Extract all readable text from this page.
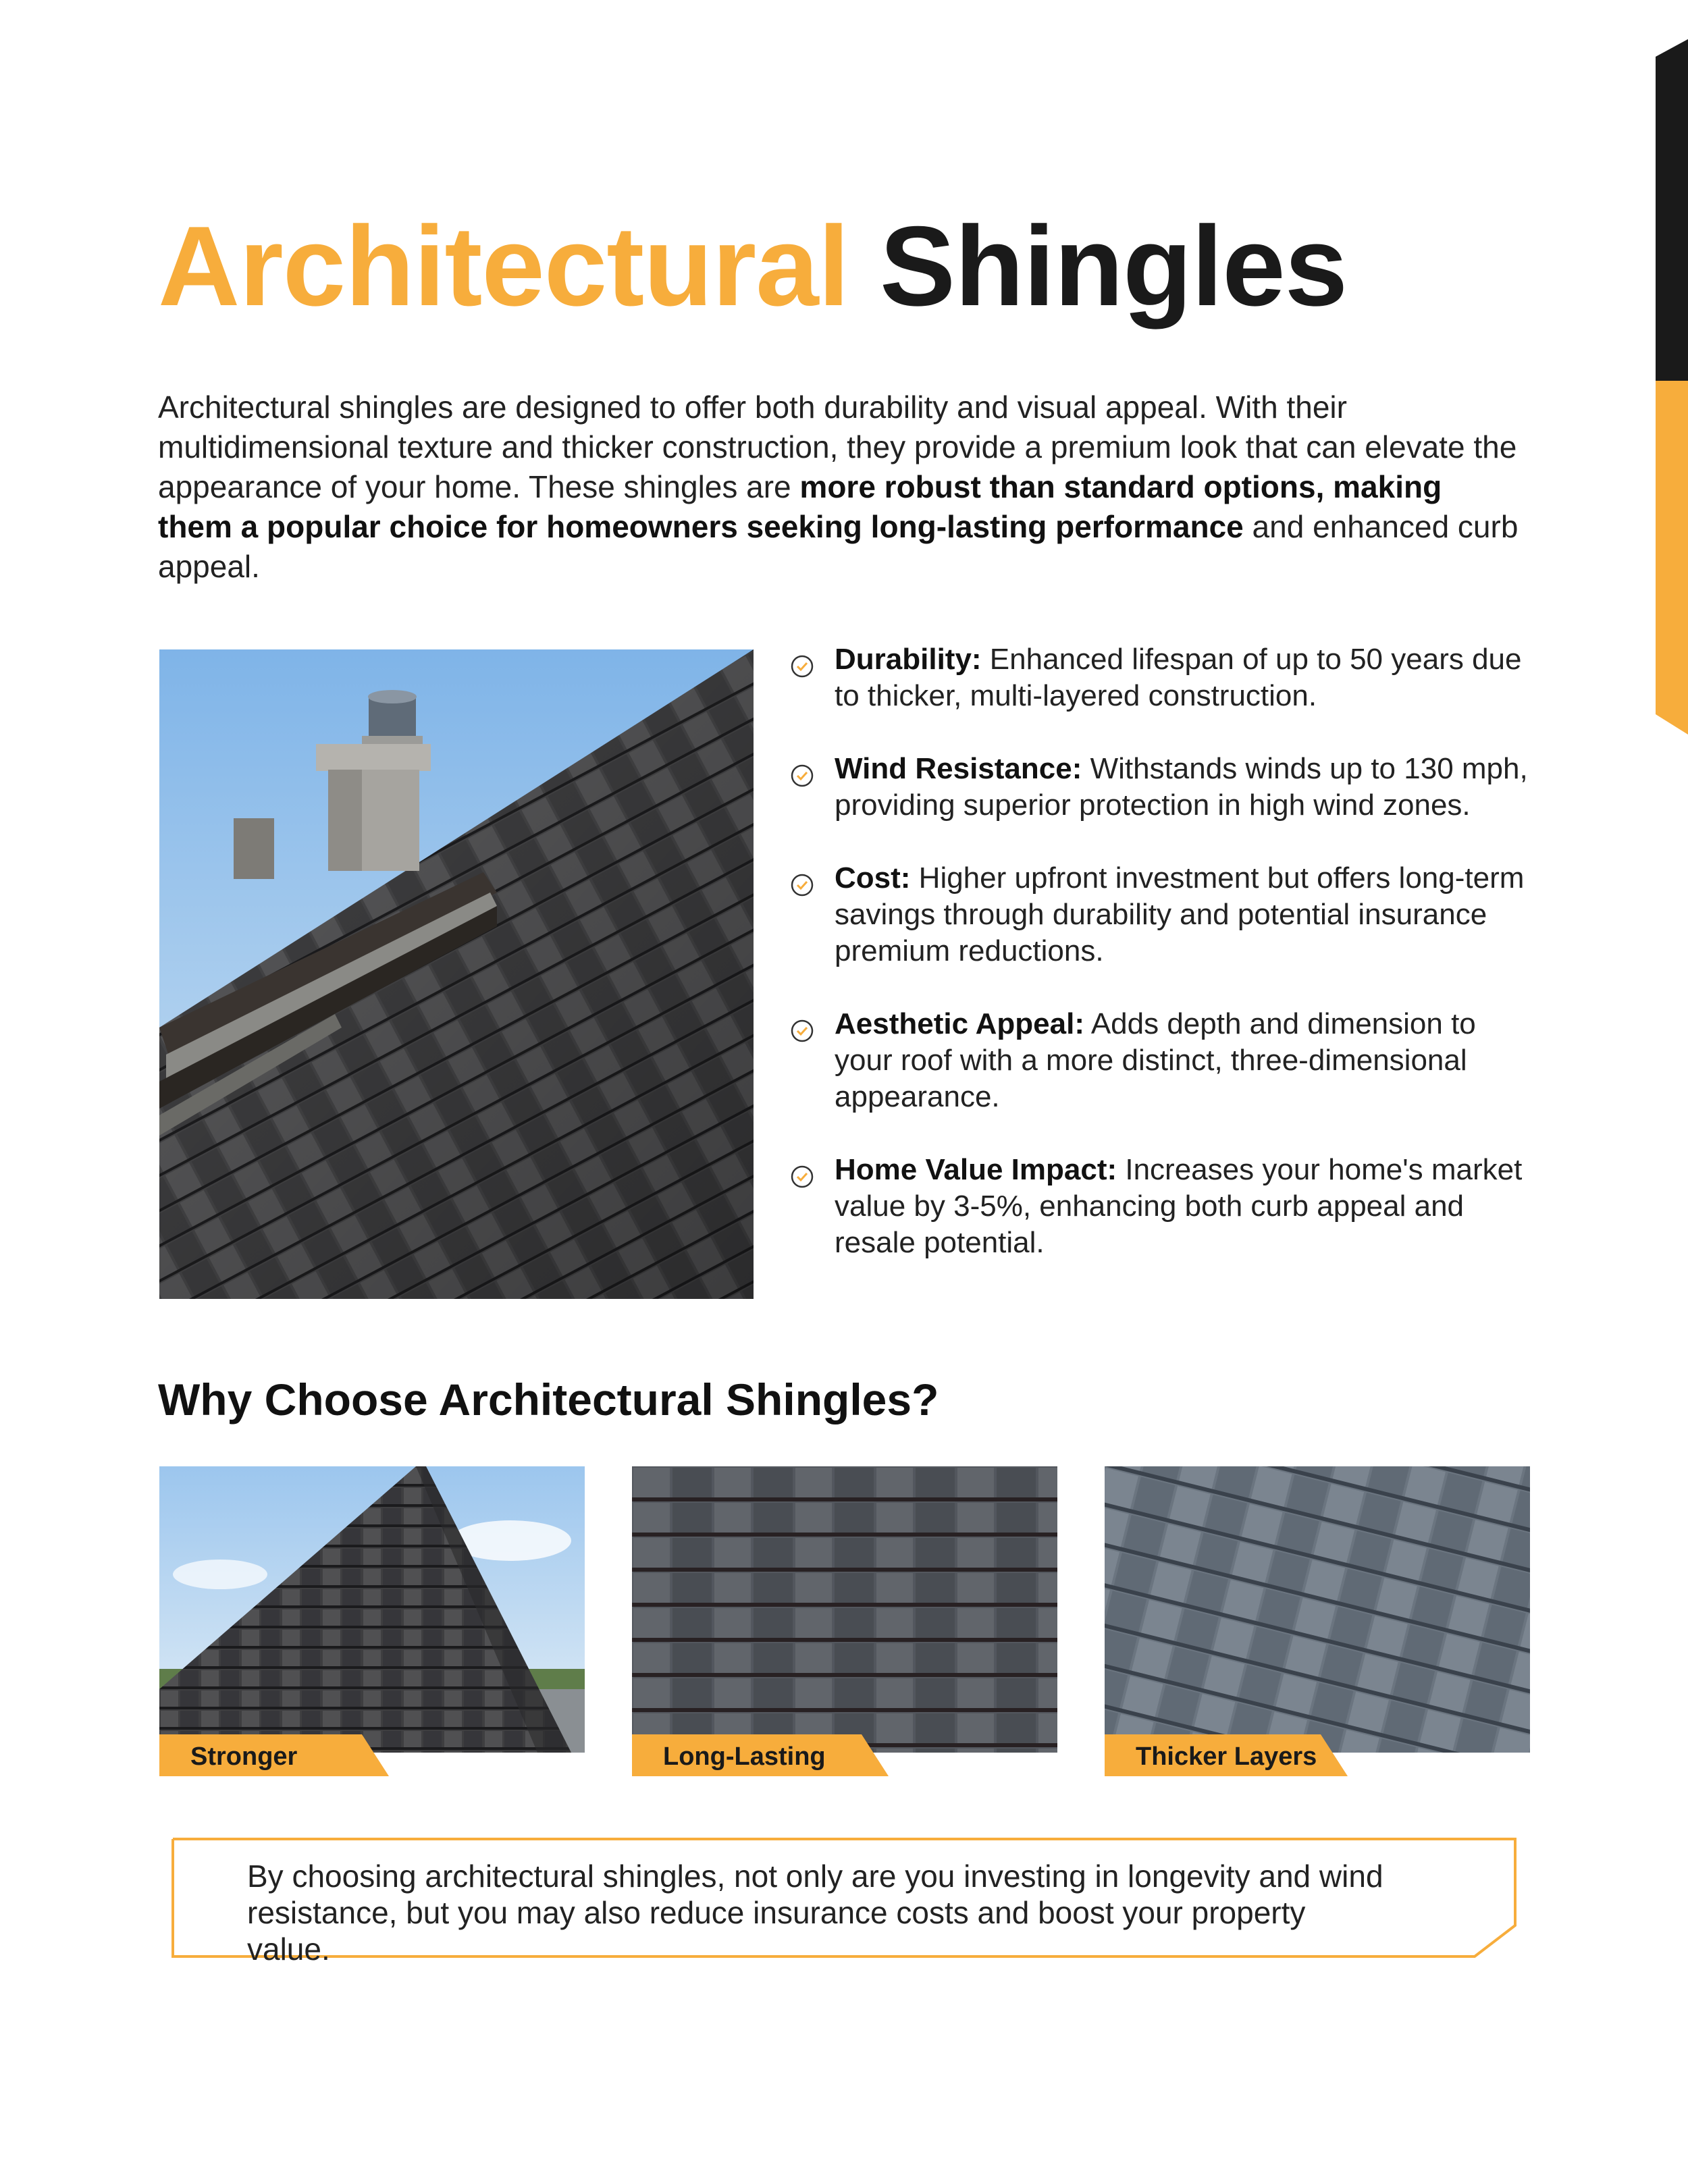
Architectural Shingles

Architectural shingles are designed to offer both durability and visual appeal. With their multidimensional texture and thicker construction, they provide a premium look that can elevate the appearance of your home. These shingles are more robust than standard options, making them a popular choice for homeowners seeking long-lasting performance and enhanced curb appeal.

Durability: Enhanced lifespan of up to 50 years due to thicker, multi-layered construction.
Wind Resistance: Withstands winds up to 130 mph, providing superior protection in high wind zones.
Cost: Higher upfront investment but offers long-term savings through durability and potential insurance premium reductions.
Aesthetic Appeal: Adds depth and dimension to your roof with a more distinct, three-dimensional appearance.
Home Value Impact: Increases your home's market value by 3-5%, enhancing both curb appeal and resale potential.
Why Choose Architectural Shingles?
Stronger	Long-Lasting	Thicker Layers

By choosing architectural shingles, not only are you investing in longevity and wind resistance, but you may also reduce insurance costs and boost your property value.
